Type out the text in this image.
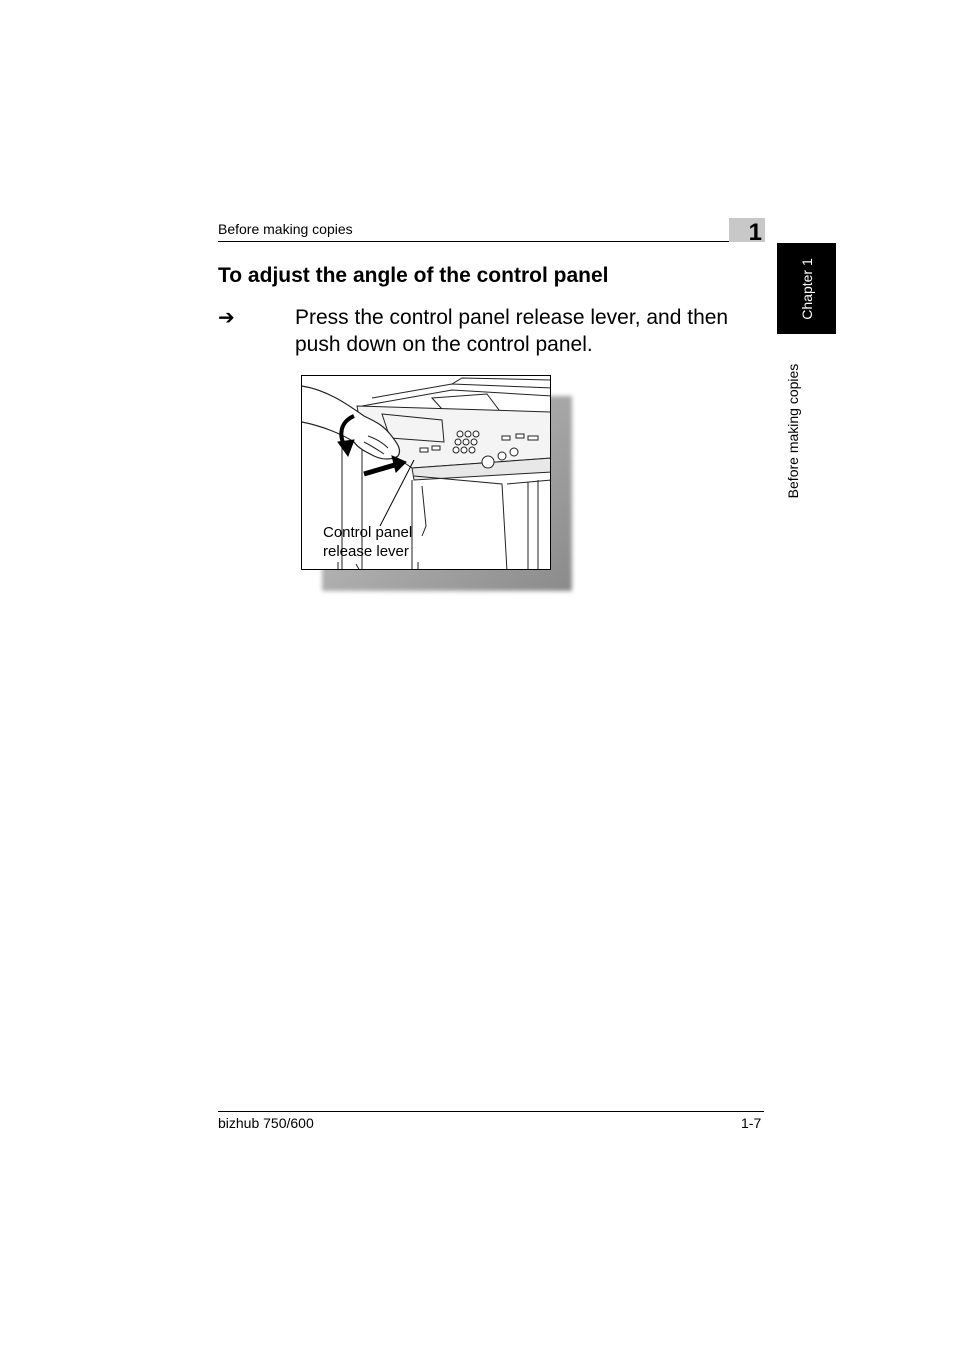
Before making copies	1
Chapter 1
Before making copies
To adjust the angle of the control panel
➔	Press the control panel release lever, and then push down on the control panel.
Control panel release lever
bizhub 750/600	1-7
